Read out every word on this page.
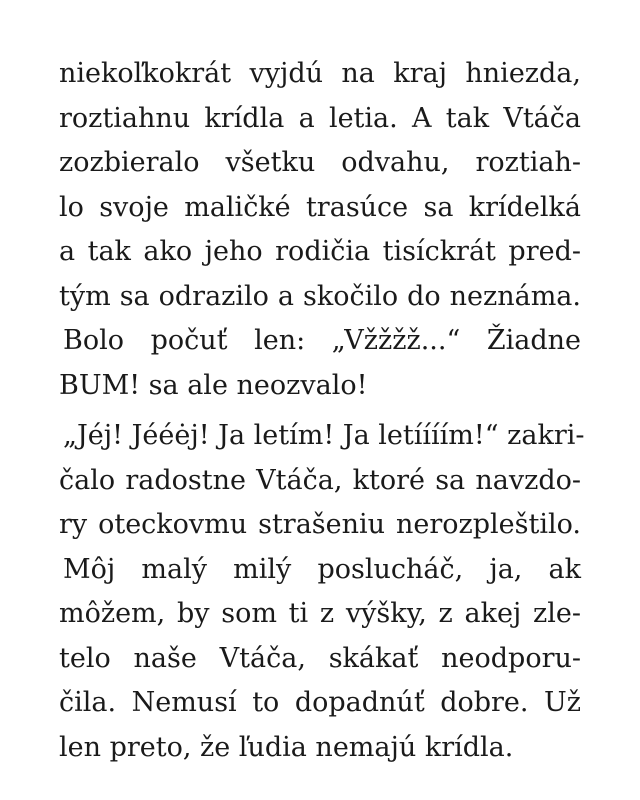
niekoľkokrát vyjdú na kraj hniezda,
roztiahnu krídla a letia. A tak Vtáča
zozbieralo všetku odvahu, roztiah-
lo svoje maličké trasúce sa krídelká
a tak ako jeho rodičia tisíckrát pred-
tým sa odrazilo a skočilo do neznáma.
Bolo počuť len: „Vžžžž...“ Žiadne
BUM! sa ale neozvalo!
„Jéj! Jééėj! Ja letím! Ja letíííím!“ zakri-
čalo radostne Vtáča, ktoré sa navzdo-
ry oteckovmu strašeniu nerozpleštilo.
Môj malý milý poslucháč, ja, ak
môžem, by som ti z výšky, z akej zle-
telo naše Vtáča, skákať neodporu-
čila. Nemusí to dopadnúť dobre. Už
len preto, že ľudia nemajú krídla.
